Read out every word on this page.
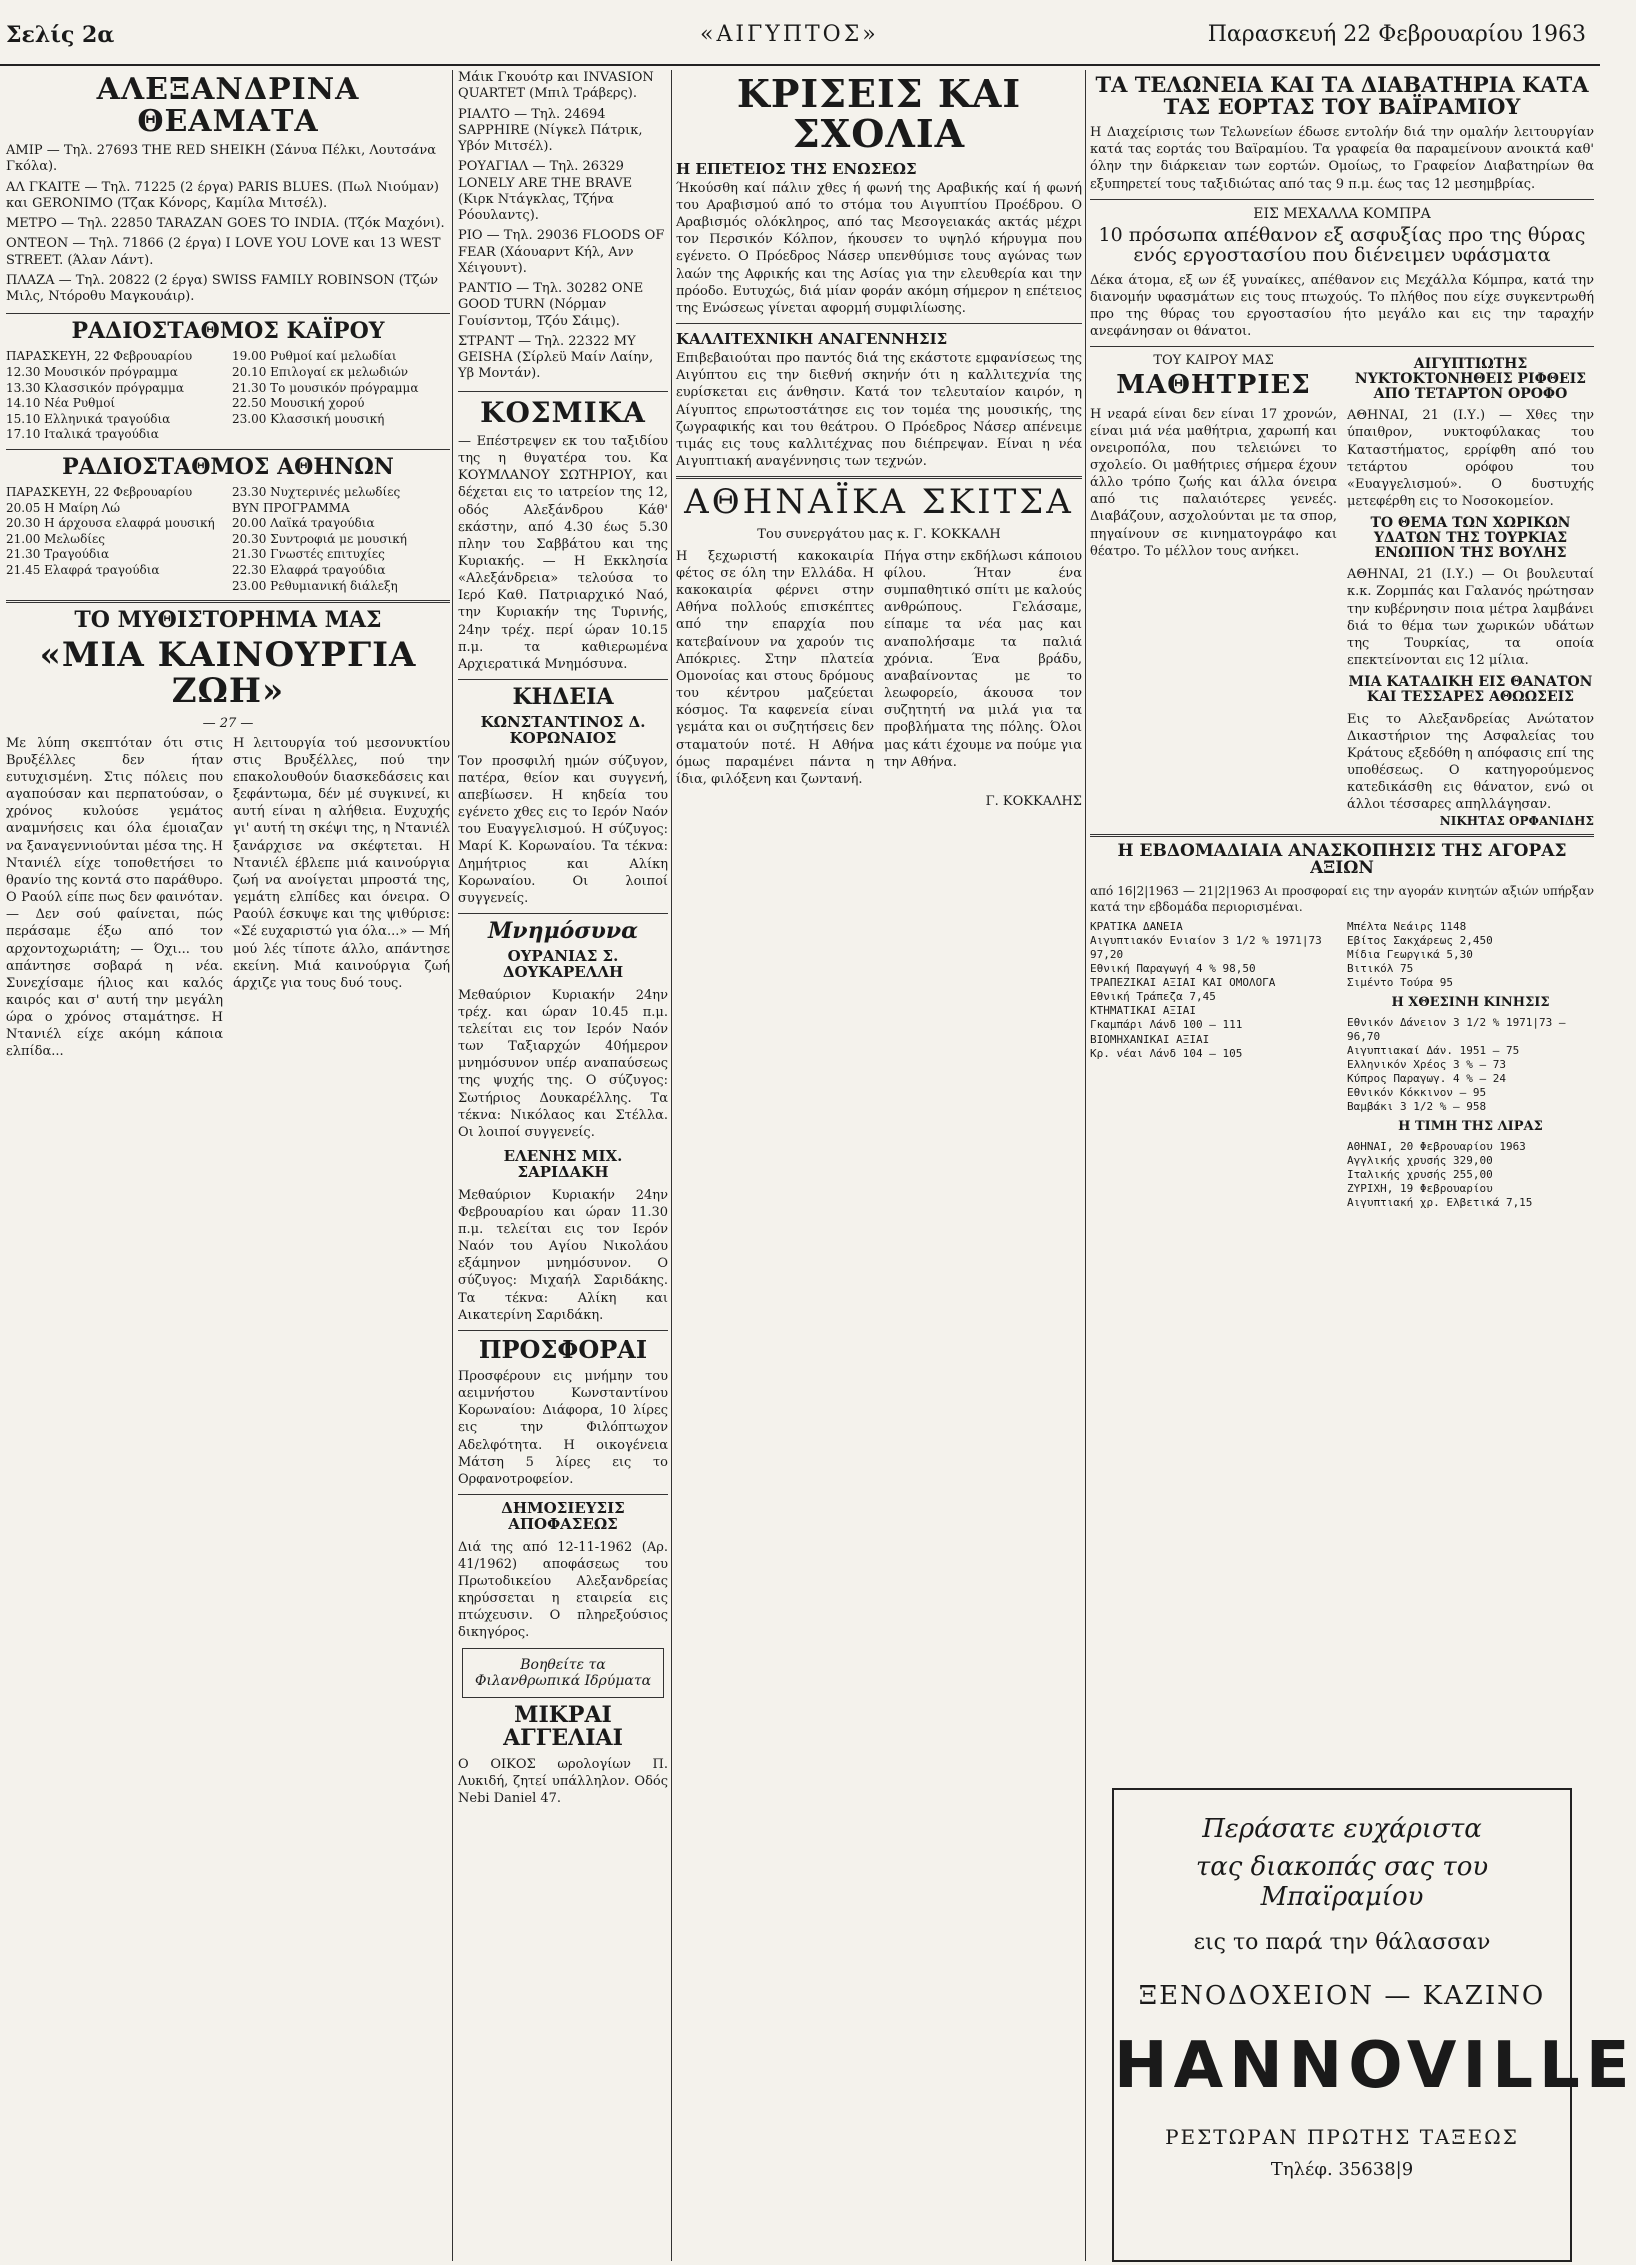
Σελίς 2α	«ΑΙΓΥΠΤΟΣ»	Παρασκευή 22 Φεβρουαρίου 1963
ΑΛΕΞΑΝΔΡΙΝΑ ΘΕΑΜΑΤΑ
ΑΜΙΡ — Τηλ. 27693 THE RED SHEIKH (Σάνυα Πέλκι, Λουτσάνα Γκόλα).
ΑΛ ΓΚΑΙΤΕ — Τηλ. 71225 (2 έργα) PARIS BLUES. (Πωλ Νιούμαν) και GERONIMO (Τζακ Κόνορς, Καμίλα Μιτσέλ).
ΜΕΤΡΟ — Τηλ. 22850 TARAZAN GOES TO INDIA. (Τζόκ Μαχόνι).
ΟΝΤΕΟΝ — Τηλ. 71866 (2 έργα) I LOVE YOU LOVE και 13 WEST STREET. (Άλαν Λάντ).
ΠΛΑΖΑ — Τηλ. 20822 (2 έργα) SWISS FAMILY ROBINSON (Τζών Μιλς, Ντόροθυ Μαγκουάιρ).
ΡΑΔΙΟΣΤΑΘΜΟΣ ΚΑΪΡΟΥ
ΠΑΡΑΣΚΕΥΗ, 22 Φεβρουαρίου
12.30 Μουσικόν πρόγραμμα
13.30 Κλασσικόν πρόγραμμα
14.10 Νέα Ρυθμοί
15.10 Ελληνικά τραγούδια
17.10 Ιταλικά τραγούδια
19.00 Ρυθμοί καί μελωδίαι
20.10 Επιλογαί εκ μελωδιών
21.30 Το μουσικόν πρόγραμμα
22.50 Μουσική χορού
23.00 Κλασσική μουσική
ΡΑΔΙΟΣΤΑΘΜΟΣ ΑΘΗΝΩΝ
ΠΑΡΑΣΚΕΥΗ, 22 Φεβρουαρίου
20.05 Η Μαίρη Λώ
20.30 Η άρχουσα ελαφρά μουσική
21.00 Μελωδίες
21.30 Τραγούδια
21.45 Ελαφρά τραγούδια
23.30 Νυχτερινές μελωδίες
ΒΥΝ ΠΡΟΓΡΑΜΜΑ
20.00 Λαϊκά τραγούδια
20.30 Συντροφιά με μουσική
21.30 Γνωστές επιτυχίες
22.30 Ελαφρά τραγούδια
23.00 Ρεθυμιανική διάλεξη
ΤΟ ΜΥΘΙΣΤΟΡΗΜΑ ΜΑΣ
«ΜΙΑ ΚΑΙΝΟΥΡΓΙΑ ΖΩΗ»
— 27 —
Με λύπη σκεπτόταν ότι στις Βρυξέλλες δεν ήταν ευτυχισμένη. Στις πόλεις που αγαπούσαν και περπατούσαν, ο χρόνος κυλούσε γεμάτος αναμνήσεις και όλα έμοιαζαν να ξαναγεννιούνται μέσα της. Η Ντανιέλ είχε τοποθετήσει το θρανίο της κοντά στο παράθυρο. Ο Ραούλ είπε πως δεν φαινόταν. — Δεν σού φαίνεται, πώς περάσαμε έξω από τον αρχοντοχωριάτη; — Όχι... του απάντησε σοβαρά η νέα. Συνεχίσαμε ήλιος και καλός καιρός και σ' αυτή την μεγάλη ώρα ο χρόνος σταμάτησε. Η Ντανιέλ είχε ακόμη κάποια ελπίδα...
Η λειτουργία τού μεσονυκτίου στις Βρυξέλλες, πού την επακολουθούν διασκεδάσεις και ξεφάντωμα, δέν μέ συγκινεί, κι αυτή είναι η αλήθεια. Ευχυχής γι' αυτή τη σκέψι της, η Ντανιέλ ξανάρχισε να σκέφτεται. Η Ντανιέλ έβλεπε μιά καινούργια ζωή να ανοίγεται μπροστά της, γεμάτη ελπίδες και όνειρα. Ο Ραούλ έσκυψε και της ψιθύρισε: «Σέ ευχαριστώ για όλα...» — Μή μού λές τίποτε άλλο, απάντησε εκείνη. Μιά καινούργια ζωή άρχιζε για τους δυό τους.
Μάικ Γκουότρ και INVASION QUARTET (Μπιλ Τράβερς).
ΡΙΑΛΤΟ — Τηλ. 24694 SAPPHIRE (Νίγκελ Πάτρικ, Υβόν Μιτσέλ).
ΡΟΥΑΓΙΑΛ — Τηλ. 26329 LONELY ARE THE BRAVE (Κιρκ Ντάγκλας, Τζήνα Ρόουλαντς).
ΡΙΟ — Τηλ. 29036 FLOODS OF FEAR (Χάουαρντ Κήλ, Ανν Χέιγουντ).
ΡΑΝΤΙΟ — Τηλ. 30282 ONE GOOD TURN (Νόρμαν Γουίσντομ, Τζόυ Σάιμς).
ΣΤΡΑΝΤ — Τηλ. 22322 MY GEISHA (Σίρλεϋ Μαίν Λαίην, Υβ Μοντάν).
ΚΟΣΜΙΚΑ
— Επέστρεψεν εκ του ταξιδίου της η θυγατέρα του. Κα ΚΟΥΜΛΑΝΟΥ ΣΩΤΗΡΙΟΥ, και δέχεται εις το ιατρείον της 12, οδός Αλεξάνδρου Κάθ' εκάστην, από 4.30 έως 5.30 πλην του Σαββάτου και της Κυριακής. — Η Εκκλησία «Αλεξάνδρεια» τελούσα το Ιερό Καθ. Πατριαρχικό Ναό, την Κυριακήν της Τυρινής, 24ην τρέχ. περί ώραν 10.15 π.μ. τα καθιερωμένα Αρχιερατικά Μνημόσυνα.
ΚΗΔΕΙΑ
ΚΩΝΣΤΑΝΤΙΝΟΣ Δ. ΚΟΡΩΝΑΙΟΣ
Τον προσφιλή ημών σύζυγον, πατέρα, θείον και συγγενή, απεβίωσεν. Η κηδεία του εγένετο χθες εις το Ιερόν Ναόν του Ευαγγελισμού. Η σύζυγος: Μαρί Κ. Κορωναίου. Τα τέκνα: Δημήτριος και Αλίκη Κορωναίου. Οι λοιποί συγγενείς.
Μνημόσυνα
ΟΥΡΑΝΙΑΣ Σ. ΔΟΥΚΑΡΕΛΛΗ
Μεθαύριον Κυριακήν 24ην τρέχ. και ώραν 10.45 π.μ. τελείται εις τον Ιερόν Ναόν των Ταξιαρχών 40ήμερον μνημόσυνον υπέρ αναπαύσεως της ψυχής της. Ο σύζυγος: Σωτήριος Δουκαρέλλης. Τα τέκνα: Νικόλαος και Στέλλα. Οι λοιποί συγγενείς.
ΕΛΕΝΗΣ ΜΙΧ. ΣΑΡΙΔΑΚΗ
Μεθαύριον Κυριακήν 24ην Φεβρουαρίου και ώραν 11.30 π.μ. τελείται εις τον Ιερόν Ναόν του Αγίου Νικολάου εξάμηνον μνημόσυνον. Ο σύζυγος: Μιχαήλ Σαριδάκης. Τα τέκνα: Αλίκη και Αικατερίνη Σαριδάκη.
ΠΡΟΣΦΟΡΑΙ
Προσφέρουν εις μνήμην του αειμνήστου Κωνσταντίνου Κορωναίου: Διάφορα, 10 λίρες εις την Φιλόπτωχον Αδελφότητα. Η οικογένεια Μάτση 5 λίρες εις το Ορφανοτροφείον.
ΔΗΜΟΣΙΕΥΣΙΣ ΑΠΟΦΑΣΕΩΣ
Διά της από 12-11-1962 (Αρ. 41/1962) αποφάσεως του Πρωτοδικείου Αλεξανδρείας κηρύσσεται η εταιρεία εις πτώχευσιν. Ο πληρεξούσιος δικηγόρος.
Βοηθείτε τα Φιλανθρωπικά Ιδρύματα
ΜΙΚΡΑΙ ΑΓΓΕΛΙΑΙ
Ο ΟΙΚΟΣ ωρολογίων Π. Λυκιδή, ζητεί υπάλληλον. Οδός Nebi Daniel 47.
ΚΡΙΣΕΙΣ ΚΑΙ ΣΧΟΛΙΑ
Η ΕΠΕΤΕΙΟΣ ΤΗΣ ΕΝΩΣΕΩΣ
Ήκούσθη καί πάλιν χθες ή φωνή της Αραβικής καί ή φωνή του Αραβισμού από το στόμα του Αιγυπτίου Προέδρου. Ο Αραβισμός ολόκληρος, από τας Μεσογειακάς ακτάς μέχρι τον Περσικόν Κόλπον, ήκουσεν το υψηλό κήρυγμα που εγένετο. Ο Πρόεδρος Νάσερ υπενθύμισε τους αγώνας των λαών της Αφρικής και της Ασίας για την ελευθερία και την πρόοδο. Ευτυχώς, διά μίαν φοράν ακόμη σήμερον η επέτειος της Ενώσεως γίνεται αφορμή συμφιλίωσης.
ΚΑΛΛΙΤΕΧΝΙΚΗ ΑΝΑΓΕΝΝΗΣΙΣ
Επιβεβαιούται προ παντός διά της εκάστοτε εμφανίσεως της Αιγύπτου εις την διεθνή σκηνήν ότι η καλλιτεχνία της ευρίσκεται εις άνθησιν. Κατά τον τελευταίον καιρόν, η Αίγυπτος επρωτοστάτησε εις τον τομέα της μουσικής, της ζωγραφικής και του θεάτρου. Ο Πρόεδρος Νάσερ απένειμε τιμάς εις τους καλλιτέχνας που διέπρεψαν. Είναι η νέα Αιγυπτιακή αναγέννησις των τεχνών.
ΑΘΗΝΑΪΚΑ ΣΚΙΤΣΑ
Του συνεργάτου μας κ. Γ. ΚΟΚΚΑΛΗ
Η ξεχωριστή κακοκαιρία φέτος σε όλη την Ελλάδα. Η κακοκαιρία φέρνει στην Αθήνα πολλούς επισκέπτες από την επαρχία που κατεβαίνουν να χαρούν τις Απόκριες. Στην πλατεία Ομονοίας και στους δρόμους του κέντρου μαζεύεται κόσμος. Τα καφενεία είναι γεμάτα και οι συζητήσεις δεν σταματούν ποτέ. Η Αθήνα όμως παραμένει πάντα η ίδια, φιλόξενη και ζωντανή.
Πήγα στην εκδήλωσι κάποιου φίλου. Ήταν ένα συμπαθητικό σπίτι με καλούς ανθρώπους. Γελάσαμε, είπαμε τα νέα μας και αναπολήσαμε τα παλιά χρόνια. Ένα βράδυ, αναβαίνοντας με το λεωφορείο, άκουσα τον συζητητή να μιλά για τα προβλήματα της πόλης. Όλοι μας κάτι έχουμε να πούμε για την Αθήνα.
Γ. ΚΟΚΚΑΛΗΣ
ΤΑ ΤΕΛΩΝΕΙΑ ΚΑΙ ΤΑ ΔΙΑΒΑΤΗΡΙΑ ΚΑΤΑ ΤΑΣ ΕΟΡΤΑΣ ΤΟΥ ΒΑΪΡΑΜΙΟΥ
Η Διαχείρισις των Τελωνείων έδωσε εντολήν διά την ομαλήν λειτουργίαν κατά τας εορτάς του Βαϊραμίου. Τα γραφεία θα παραμείνουν ανοικτά καθ' όλην την διάρκειαν των εορτών. Ομοίως, το Γραφείον Διαβατηρίων θα εξυπηρετεί τους ταξιδιώτας από τας 9 π.μ. έως τας 12 μεσημβρίας.
ΕΙΣ ΜΕΧΑΛΛΑ ΚΟΜΠΡΑ
10 πρόσωπα απέθανον εξ ασφυξίας προ της θύρας ενός εργοστασίου που διένειμεν υφάσματα
Δέκα άτομα, εξ ων έξ γυναίκες, απέθανον εις Μεχάλλα Κόμπρα, κατά την διανομήν υφασμάτων εις τους πτωχούς. Το πλήθος που είχε συγκεντρωθή προ της θύρας του εργοστασίου ήτο μεγάλο και εις την ταραχήν ανεφάνησαν οι θάνατοι.
ΤΟΥ ΚΑΙΡΟΥ ΜΑΣ
ΜΑΘΗΤΡΙΕΣ
Η νεαρά είναι δεν είναι 17 χρονών, είναι μιά νέα μαθήτρια, χαρωπή και ονειροπόλα, που τελειώνει το σχολείο. Οι μαθήτριες σήμερα έχουν άλλο τρόπο ζωής και άλλα όνειρα από τις παλαιότερες γενεές. Διαβάζουν, ασχολούνται με τα σπορ, πηγαίνουν σε κινηματογράφο και θέατρο. Το μέλλον τους ανήκει.
ΑΙΓΥΠΤΙΩΤΗΣ ΝΥΚΤΟΚΤΟΝΗΘΕΙΣ ΡΙΦΘΕΙΣ ΑΠΟ ΤΕΤΑΡΤΟΝ ΟΡΟΦΟ
ΑΘΗΝΑΙ, 21 (Ι.Υ.) — Χθες την ύπαιθρον, νυκτοφύλακας του Καταστήματος, ερρίφθη από του τετάρτου ορόφου του «Ευαγγελισμού». Ο δυστυχής μετεφέρθη εις το Νοσοκομείον.
ΤΟ ΘΕΜΑ ΤΩΝ ΧΩΡΙΚΩΝ ΥΔΑΤΩΝ ΤΗΣ ΤΟΥΡΚΙΑΣ ΕΝΩΠΙΟΝ ΤΗΣ ΒΟΥΛΗΣ
ΑΘΗΝΑΙ, 21 (Ι.Υ.) — Οι βουλευταί κ.κ. Ζορμπάς και Γαλανός ηρώτησαν την κυβέρνησιν ποια μέτρα λαμβάνει διά το θέμα των χωρικών υδάτων της Τουρκίας, τα οποία επεκτείνονται εις 12 μίλια.
ΜΙΑ ΚΑΤΑΔΙΚΗ ΕΙΣ ΘΑΝΑΤΟΝ ΚΑΙ ΤΕΣΣΑΡΕΣ ΑΘΩΩΣΕΙΣ
Εις το Αλεξανδρείας Ανώτατον Δικαστήριον της Ασφαλείας του Κράτους εξεδόθη η απόφασις επί της υποθέσεως. Ο κατηγορούμενος κατεδικάσθη εις θάνατον, ενώ οι άλλοι τέσσαρες απηλλάγησαν.
ΝΙΚΗΤΑΣ ΟΡΦΑΝΙΔΗΣ
Η ΕΒΔΟΜΑΔΙΑΙΑ ΑΝΑΣΚΟΠΗΣΙΣ ΤΗΣ ΑΓΟΡΑΣ ΑΞΙΩΝ
από 16|2|1963 — 21|2|1963 Αι προσφοραί εις την αγοράν κινητών αξιών υπήρξαν κατά την εβδομάδα περιορισμέναι.
ΚΡΑΤΙΚΑ ΔΑΝΕΙΑ
Αιγυπτιακόν Ενιαίον 3 1/2 % 1971|73 97,20
Εθνική Παραγωγή 4 % 98,50
ΤΡΑΠΕΖΙΚΑΙ ΑΞΙΑΙ ΚΑΙ ΟΜΟΛΟΓΑ
Εθνική Τράπεζα 7,45
ΚΤΗΜΑΤΙΚΑΙ ΑΞΙΑΙ
Γκαμπάρι Λάνδ 100 — 111
ΒΙΟΜΗΧΑΝΙΚΑΙ ΑΞΙΑΙ
Κρ. νέαι Λάνδ 104 — 105
Μπέλτα Νεάιρς 1148
Εβίτος Σακχάρεως 2,450
Μίδια Γεωργικά 5,30
Βιτικόλ 75
Σιμέντο Τούρα 95
Η ΧΘΕΣΙΝΗ ΚΙΝΗΣΙΣ
Εθνικόν Δάνειον 3 1/2 % 1971|73 — 96,70
Αιγυπτιακαί Δάν. 1951 — 75
Ελληνικόν Χρέος 3 % — 73
Κύπρος Παραγωγ. 4 % — 24
Εθνικόν Κόκκινον — 95
Βαμβάκι 3 1/2 % — 958
Η ΤΙΜΗ ΤΗΣ ΛΙΡΑΣ
ΑΘΗΝΑΙ, 20 Φεβρουαρίου 1963
Αγγλικής χρυσής 329,00
Ιταλικής χρυσής 255,00
ΖΥΡΙΧΗ, 19 Φεβρουαρίου
Αιγυπτιακή χρ. Ελβετικά 7,15
Περάσατε ευχάριστα
τας διακοπάς σας του Μπαϊραμίου
εις το παρά την θάλασσαν
ΞΕΝΟΔΟΧΕΙΟΝ — ΚΑΖΙΝΟ
HANNOVILLE
ΡΕΣΤΩΡΑΝ ΠΡΩΤΗΣ ΤΑΞΕΩΣ
Τηλέφ. 35638|9
